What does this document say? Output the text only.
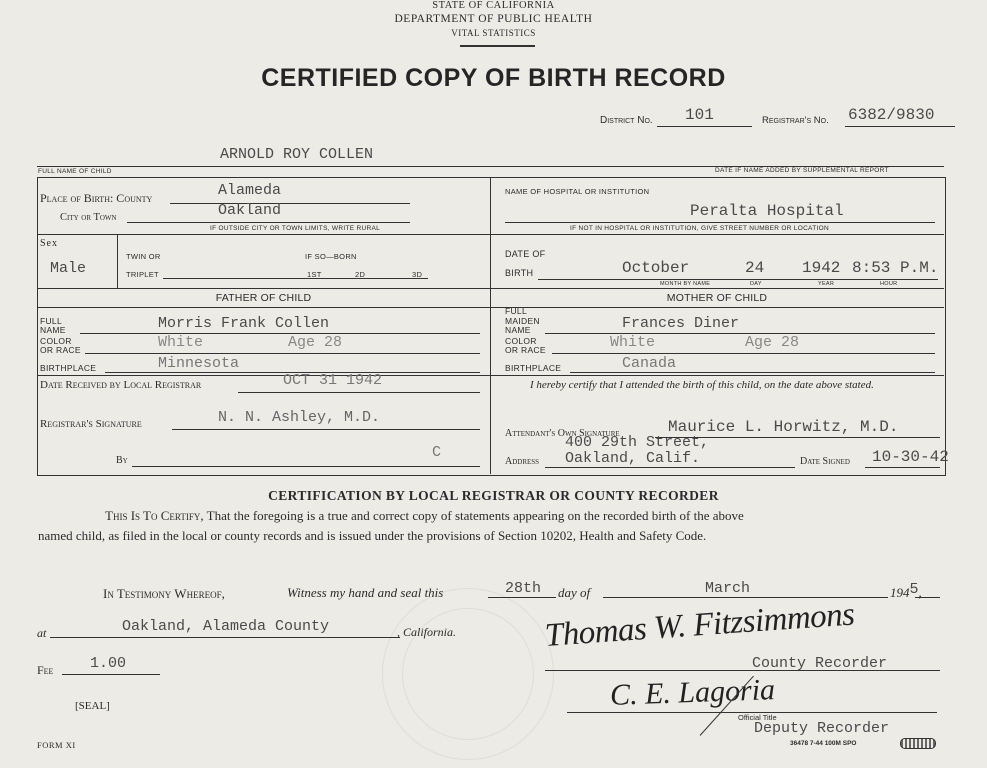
STATE OF CALIFORNIA
DEPARTMENT OF PUBLIC HEALTH
VITAL STATISTICS
CERTIFIED COPY OF BIRTH RECORD
District No. 101	Registrar's No. 6382/9830
ARNOLD ROY COLLEN
FULL NAME OF CHILD	DATE IF NAME ADDED BY SUPPLEMENTAL REPORT
Place of Birth: County	Alameda
City or Town	Oakland
IF OUTSIDE CITY OR TOWN LIMITS, WRITE RURAL
NAME OF HOSPITAL OR INSTITUTION
Peralta Hospital
IF NOT IN HOSPITAL OR INSTITUTION, GIVE STREET NUMBER OR LOCATION
Sex
Male
TWIN OR
TRIPLET
IF SO—BORN
1ST	2D	3D
DATE OF
BIRTH	October	24 1942 8:53 P.M.
MONTH BY NAME	DAY	YEAR	HOUR
FATHER OF CHILD
FULL
NAME	Morris Frank Collen
COLOR
OR RACE	White	Age 28
BIRTHPLACE	Minnesota
MOTHER OF CHILD
FULL
MAIDEN
NAME	Frances Diner
COLOR
OR RACE	White	Age 28
BIRTHPLACE	Canada
Date Received by Local Registrar	OCT 31 1942
Registrar's Signature	N. N. Ashley, M.D.
By	C
I hereby certify that I attended the birth of this child, on the date above stated.
Attendant's Own Signature	Maurice L. Horwitz, M.D.
400 29th Street,
Address Oakland, Calif.	Date Signed 10-30-42
CERTIFICATION BY LOCAL REGISTRAR OR COUNTY RECORDER
This Is To Certify, That the foregoing is a true and correct copy of statements appearing on the recorded birth of the above
named child, as filed in the local or county records and is issued under the provisions of Section 10202, Health and Safety Code.
In Testimony Whereof,	Witness my hand and seal this	28th day of	March	1945,
at	Oakland, Alameda County	, California.
Fee 1.00
[SEAL]
FORM XI
Thomas W. Fitzsimmons
County Recorder
C. E. Lagoria
Official Title
Deputy Recorder
36478 7-44 100M SPO
